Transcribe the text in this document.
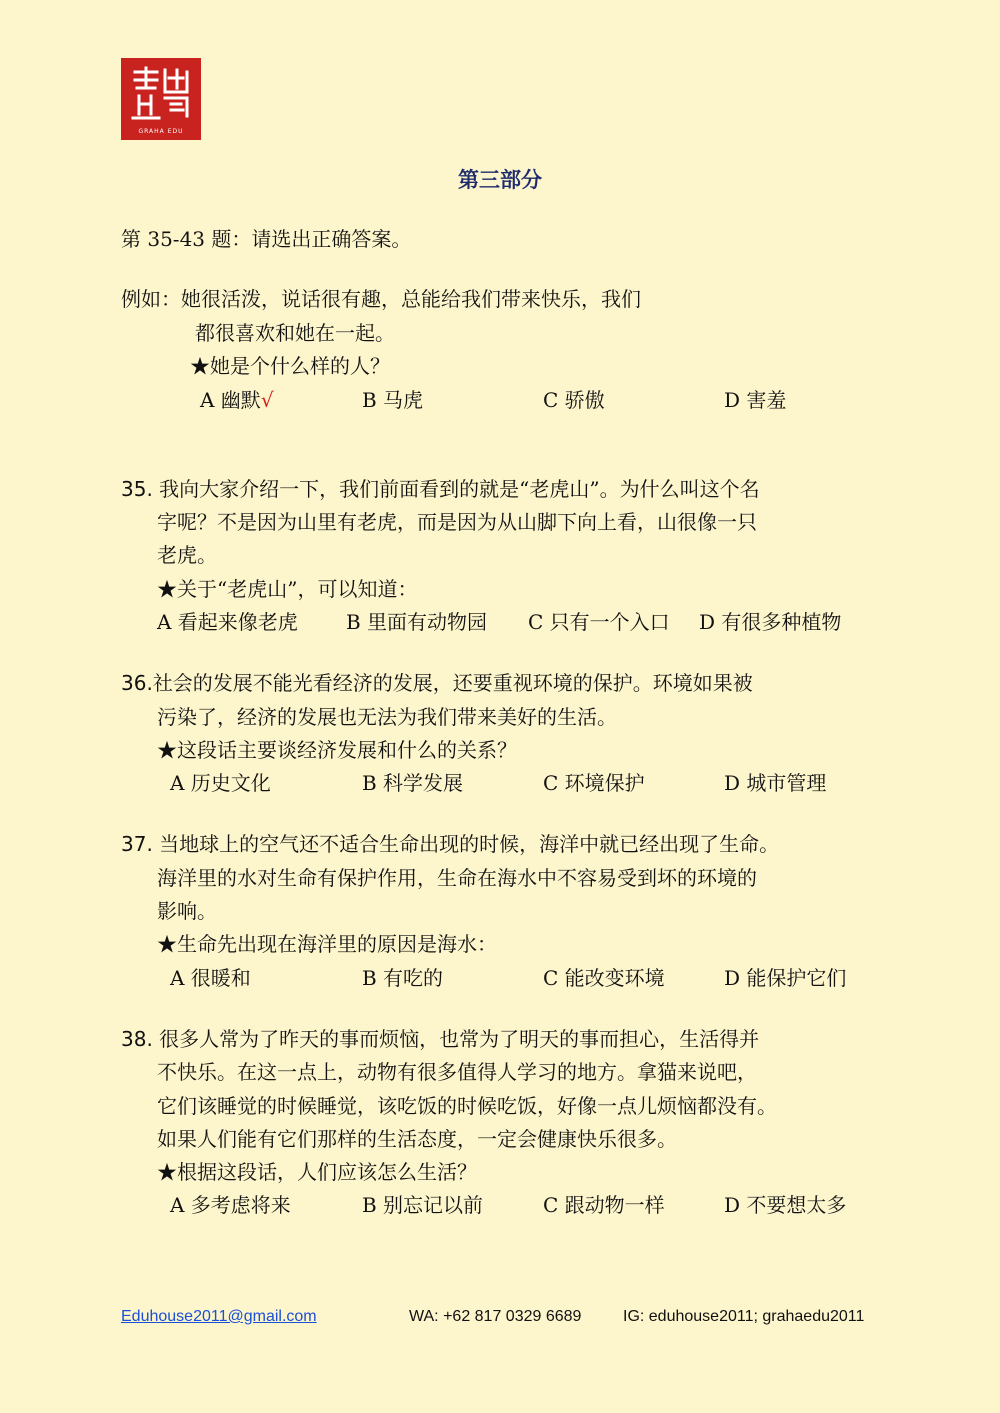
GRAHA EDU
第三部分
第 35-43 题：请选出正确答案。
例如：她很活泼，说话很有趣，总能给我们带来快乐，我们
都很喜欢和她在一起。
★她是个什么样的人？
A 幽默√	B 马虎	C 骄傲	D 害羞
35. 我向大家介绍一下，我们前面看到的就是“老虎山”。为什么叫这个名
字呢？不是因为山里有老虎，而是因为从山脚下向上看，山很像一只
老虎。
★关于“老虎山”，可以知道：
A 看起来像老虎 B 里面有动物园 C 只有一个入口 D 有很多种植物
36.社会的发展不能光看经济的发展，还要重视环境的保护。环境如果被
污染了，经济的发展也无法为我们带来美好的生活。
★这段话主要谈经济发展和什么的关系？
A 历史文化	B 科学发展	C 环境保护	D 城市管理
37. 当地球上的空气还不适合生命出现的时候，海洋中就已经出现了生命。
海洋里的水对生命有保护作用，生命在海水中不容易受到坏的环境的
影响。
★生命先出现在海洋里的原因是海水：
A 很暖和	B 有吃的	C 能改变环境	D 能保护它们
38. 很多人常为了昨天的事而烦恼，也常为了明天的事而担心，生活得并
不快乐。在这一点上，动物有很多值得人学习的地方。拿猫来说吧，
它们该睡觉的时候睡觉，该吃饭的时候吃饭，好像一点儿烦恼都没有。
如果人们能有它们那样的生活态度，一定会健康快乐很多。
★根据这段话，人们应该怎么生活？
A 多考虑将来	B 别忘记以前	C 跟动物一样	D 不要想太多
Eduhouse2011@gmail.com	WA: +62 817 0329 6689	IG: eduhouse2011; grahaedu2011
